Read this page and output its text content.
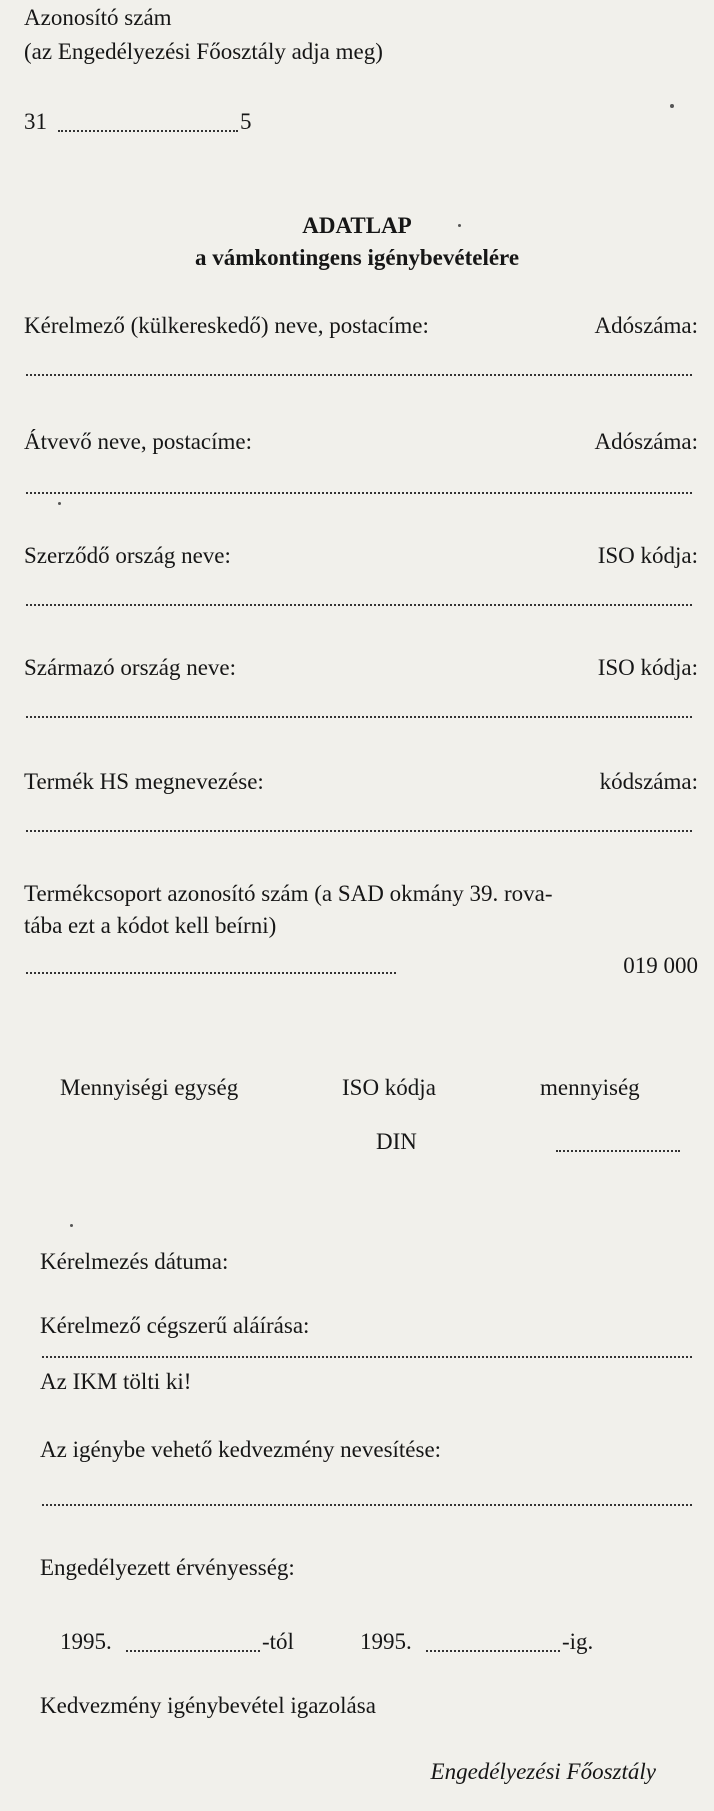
Azonosító szám
(az Engedélyezési Főosztály adja meg)
31	5
ADATLAP
a vámkontingens igénybevételére
Kérelmező (külkereskedő) neve, postacíme:	Adószáma:
Átvevő neve, postacíme:	Adószáma:
Szerződő ország neve:	ISO kódja:
Származó ország neve:	ISO kódja:
Termék HS megnevezése:	kódszáma:
Termékcsoport azonosító szám (a SAD okmány 39. rova-
tába ezt a kódot kell beírni)
019 000
Mennyiségi egység	ISO kódja	mennyiség
DIN
Kérelmezés dátuma:
Kérelmező cégszerű aláírása:
Az IKM tölti ki!
Az igénybe vehető kedvezmény nevesítése:
Engedélyezett érvényesség:
1995.	-tól	1995.	-ig.
Kedvezmény igénybevétel igazolása
Engedélyezési Főosztály
